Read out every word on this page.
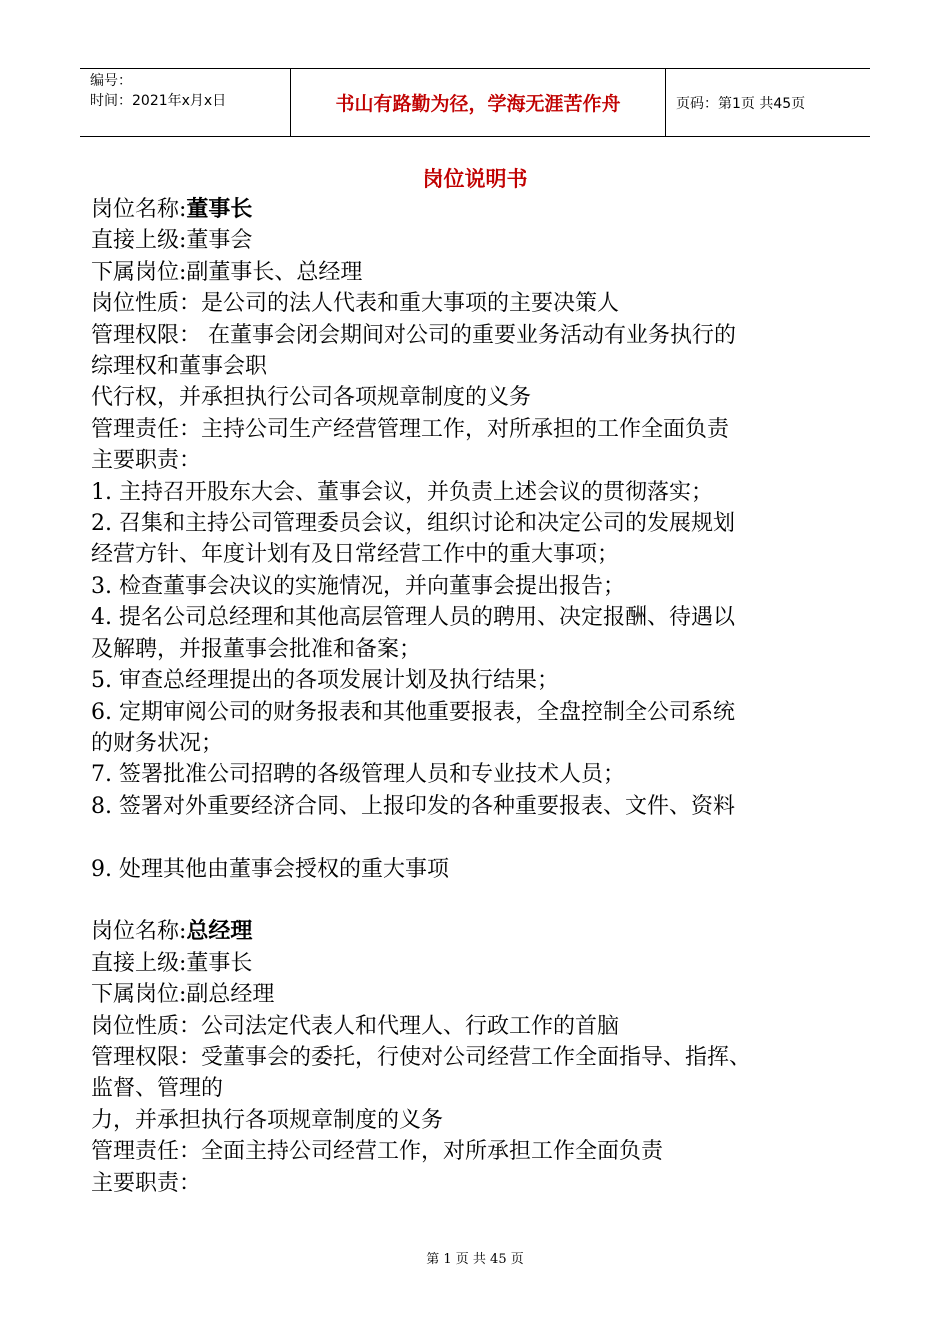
编号：
时间：2021年x月x日	书山有路勤为径，学海无涯苦作舟	页码：第1页 共45页
岗位说明书
岗位名称:董事长
直接上级:董事会
下属岗位:副董事长、总经理
岗位性质：是公司的法人代表和重大事项的主要决策人
管理权限： 在董事会闭会期间对公司的重要业务活动有业务执行的
综理权和董事会职
代行权，并承担执行公司各项规章制度的义务
管理责任：主持公司生产经营管理工作，对所承担的工作全面负责
主要职责：
1. 主持召开股东大会、董事会议，并负责上述会议的贯彻落实；
2. 召集和主持公司管理委员会议，组织讨论和决定公司的发展规划
经营方针、年度计划有及日常经营工作中的重大事项；
3. 检查董事会决议的实施情况，并向董事会提出报告；
4. 提名公司总经理和其他高层管理人员的聘用、决定报酬、待遇以
及解聘，并报董事会批准和备案；
5. 审查总经理提出的各项发展计划及执行结果；
6. 定期审阅公司的财务报表和其他重要报表，全盘控制全公司系统
的财务状况；
7. 签署批准公司招聘的各级管理人员和专业技术人员；
8. 签署对外重要经济合同、上报印发的各种重要报表、文件、资料
9. 处理其他由董事会授权的重大事项
岗位名称:总经理
直接上级:董事长
下属岗位:副总经理
岗位性质：公司法定代表人和代理人、行政工作的首脑
管理权限：受董事会的委托，行使对公司经营工作全面指导、指挥、
监督、管理的
力，并承担执行各项规章制度的义务
管理责任：全面主持公司经营工作，对所承担工作全面负责
主要职责：
第 1 页 共 45 页
